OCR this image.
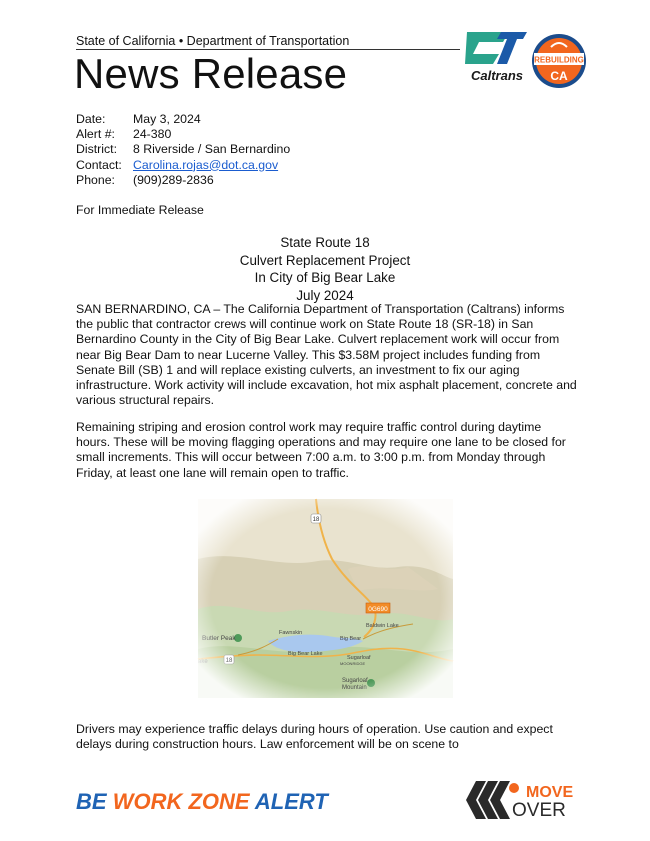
State of California • Department of Transportation
News Release	Caltrans
REBUILDING
CA
Date:	May 3, 2024
Alert #:	24-380
District:	8 Riverside / San Bernardino
Contact: Carolina.rojas@dot.ca.gov
Phone:	(909)289-2836
For Immediate Release
State Route 18
Culvert Replacement Project
In City of Big Bear Lake
July 2024
SAN BERNARDINO, CA – The California Department of Transportation (Caltrans) informs the public that contractor crews will continue work on State Route 18 (SR-18) in San Bernardino County in the City of Big Bear Lake. Culvert replacement work will occur from near Big Bear Dam to near Lucerne Valley. This $3.58M project includes funding from Senate Bill (SB) 1 and will replace existing culverts, an investment to fix our aging infrastructure. Work activity will include excavation, hot mix asphalt placement, concrete and various structural repairs.
Remaining striping and erosion control work may require traffic control during daytime hours. These will be moving flagging operations and may require one lane to be closed for small increments. This will occur between 7:00 a.m. to 3:00 p.m. from Monday through Friday, at least one lane will remain open to traffic.
Drivers may experience traffic delays during hours of operation. Use caution and expect delays during construction hours. Law enforcement will be on scene to
BE WORK ZONE ALERT	MOVE
OVER
